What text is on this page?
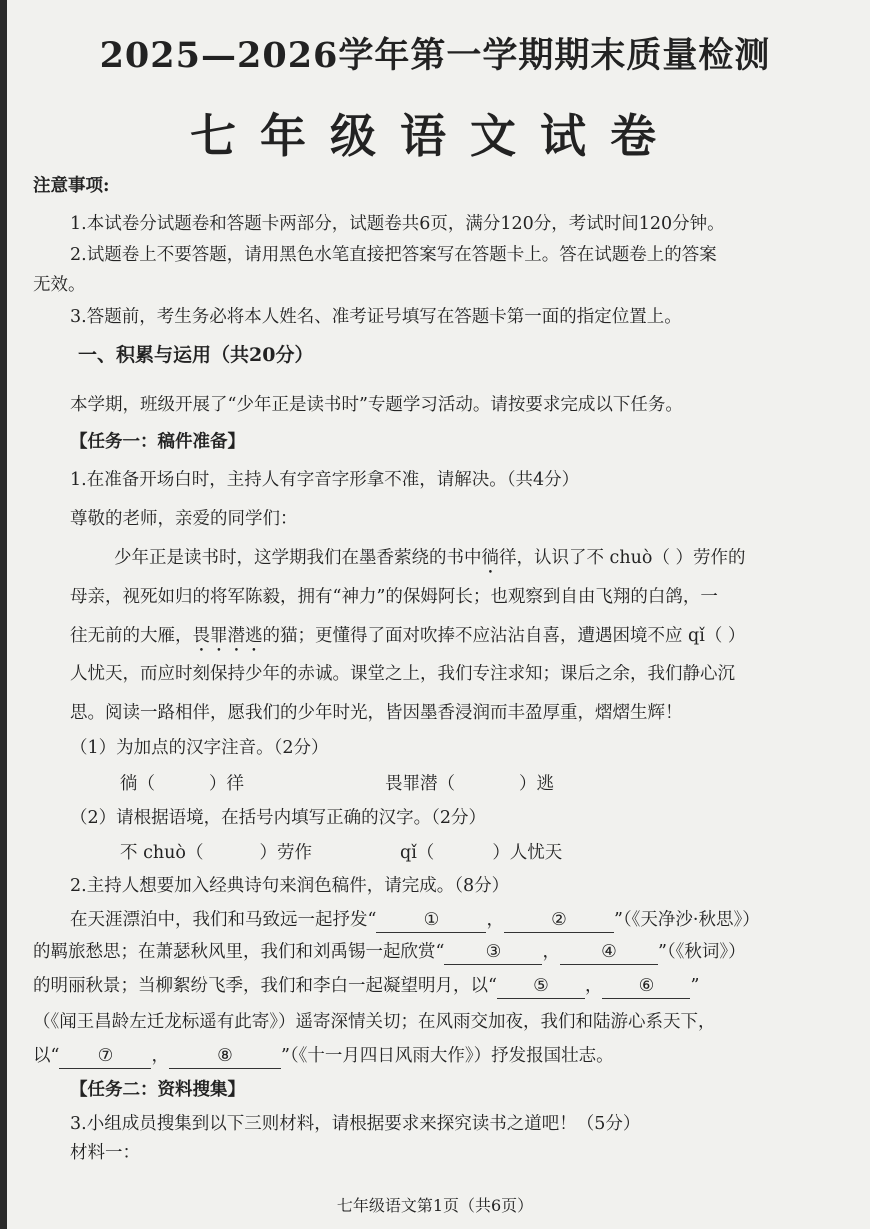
2025—2026学年第一学期期末质量检测
七年级语文试卷
注意事项:
1.本试卷分试题卷和答题卡两部分，试题卷共6页，满分120分，考试时间120分钟。
2.试题卷上不要答题，请用黑色水笔直接把答案写在答题卡上。答在试题卷上的答案
无效。
3.答题前，考生务必将本人姓名、准考证号填写在答题卡第一面的指定位置上。
一、积累与运用（共20分）
本学期，班级开展了“少年正是读书时”专题学习活动。请按要求完成以下任务。
【任务一：稿件准备】
1.在准备开场白时，主持人有字音字形拿不准，请解决。（共4分）
尊敬的老师，亲爱的同学们：
少年正是读书时，这学期我们在墨香萦绕的书中徜徉，认识了不 chuò（ ）劳作的
母亲，视死如归的将军陈毅，拥有“神力”的保姆阿长；也观察到自由飞翔的白鸽，一
往无前的大雁，畏罪潜逃的猫；更懂得了面对吹捧不应沾沾自喜，遭遇困境不应 qǐ（ ）
人忧天，而应时刻保持少年的赤诚。课堂之上，我们专注求知；课后之余，我们静心沉
思。阅读一路相伴，愿我们的少年时光，皆因墨香浸润而丰盈厚重，熠熠生辉！
（1）为加点的汉字注音。（2分）
徜（	）徉	畏罪潜（	）逃
（2）请根据语境，在括号内填写正确的汉字。（2分）
不 chuò（	）劳作	qǐ（	）人忧天
2.主持人想要加入经典诗句来润色稿件，请完成。（8分）
在天涯漂泊中，我们和马致远一起抒发“	①	，	②	”（《天净沙·秋思》）
的羁旅愁思；在萧瑟秋风里，我们和刘禹锡一起欣赏“ ③ ， ④ ”（《秋词》）
的明丽秋景；当柳絮纷飞季，我们和李白一起凝望明月，以“ ⑤ ， ⑥ ”
（《闻王昌龄左迁龙标遥有此寄》）遥寄深情关切；在风雨交加夜，我们和陆游心系天下，
以“ ⑦ ，	⑧	”（《十一月四日风雨大作》）抒发报国壮志。
【任务二：资料搜集】
3.小组成员搜集到以下三则材料，请根据要求来探究读书之道吧！（5分）
材料一：
七年级语文第1页（共6页）
